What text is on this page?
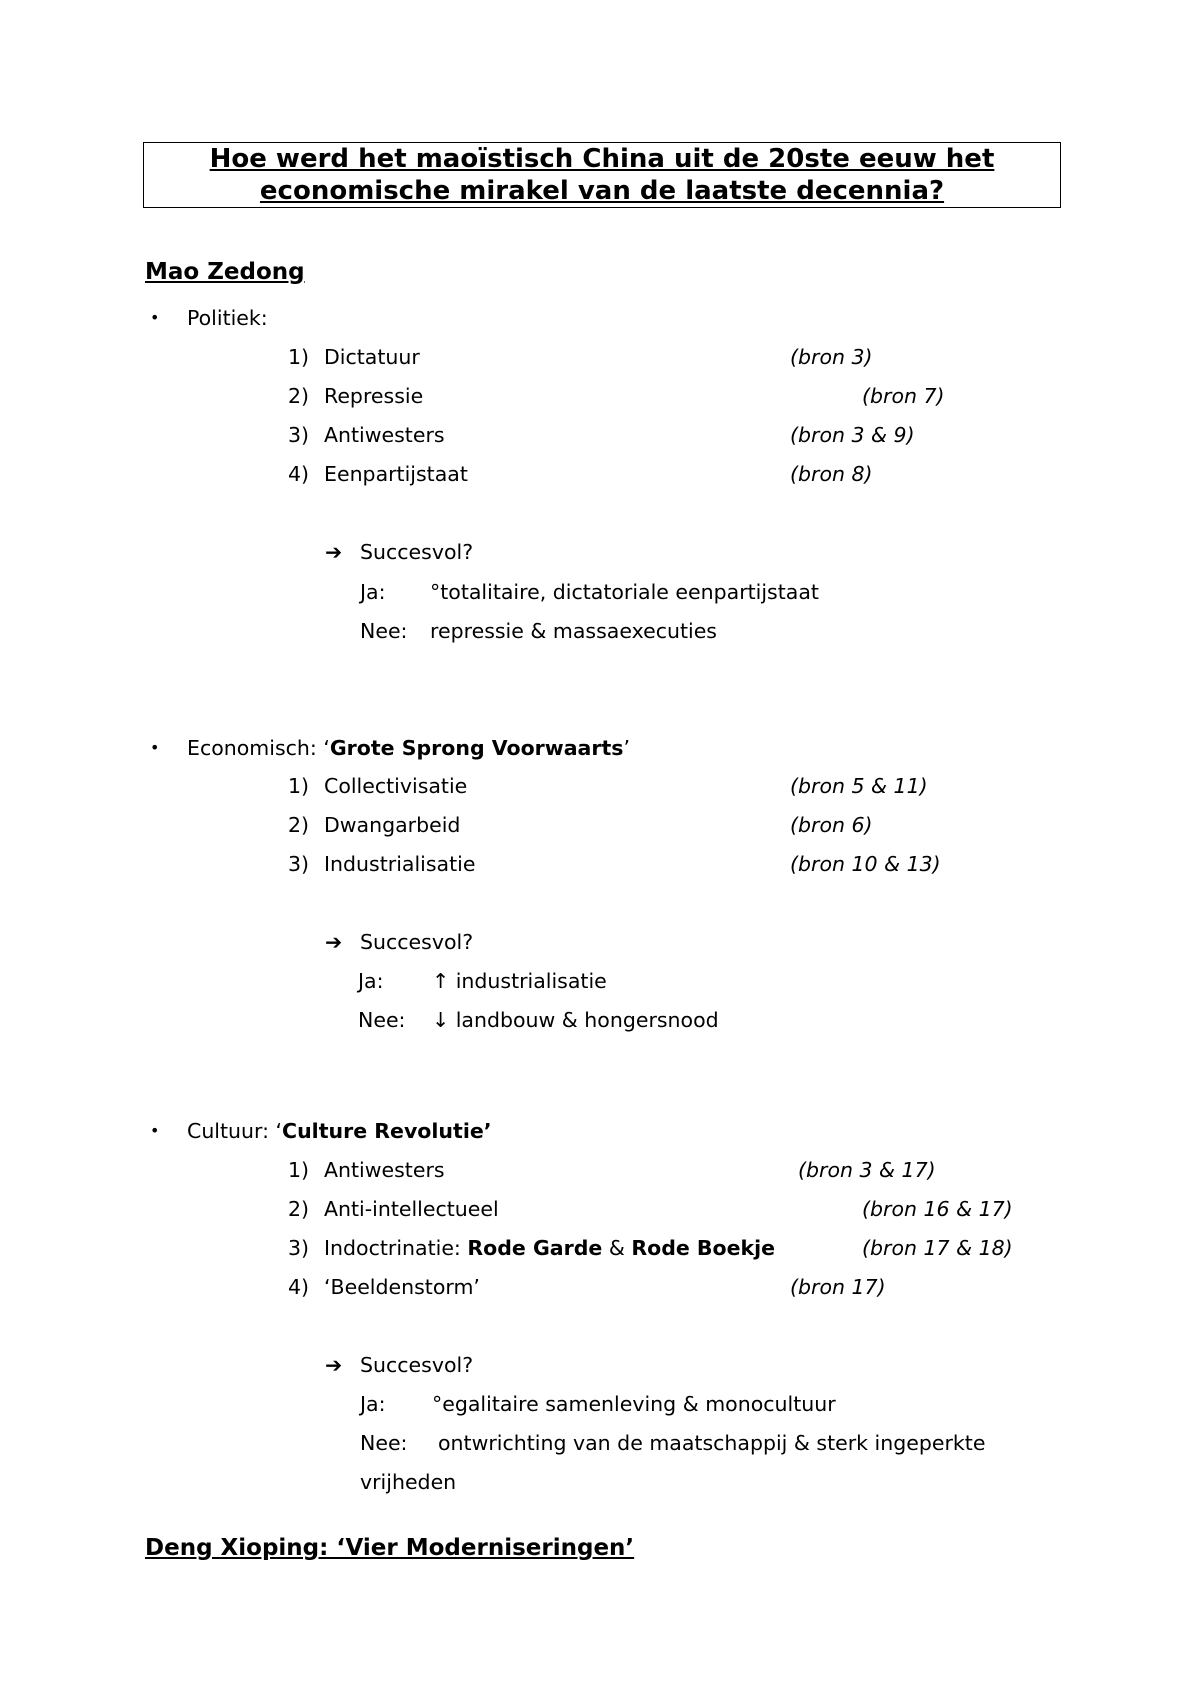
Hoe werd het maoïstisch China uit de 20ste eeuw het
economische mirakel van de laatste decennia?
Mao Zedong
• Politiek:
1) Dictatuur	(bron 3)
2) Repressie	(bron 7)
3) Antiwesters	(bron 3 & 9)
4) Eenpartijstaat	(bron 8)
➔ Succesvol?
Ja: °totalitaire, dictatoriale eenpartijstaat
Nee: repressie & massaexecuties
• Economisch: ‘Grote Sprong Voorwaarts’
1) Collectivisatie	(bron 5 & 11)
2) Dwangarbeid	(bron 6)
3) Industrialisatie	(bron 10 & 13)
➔ Succesvol?
Ja: ↑ industrialisatie
Nee: ↓ landbouw & hongersnood
• Cultuur: ‘Culture Revolutie’
1) Antiwesters	(bron 3 & 17)
2) Anti-intellectueel	(bron 16 & 17)
3) Indoctrinatie: Rode Garde & Rode Boekje	(bron 17 & 18)
4) ‘Beeldenstorm’	(bron 17)
➔ Succesvol?
Ja: °egalitaire samenleving & monocultuur
Nee: ontwrichting van de maatschappij & sterk ingeperkte
vrijheden
Deng Xioping: ‘Vier Moderniseringen’
